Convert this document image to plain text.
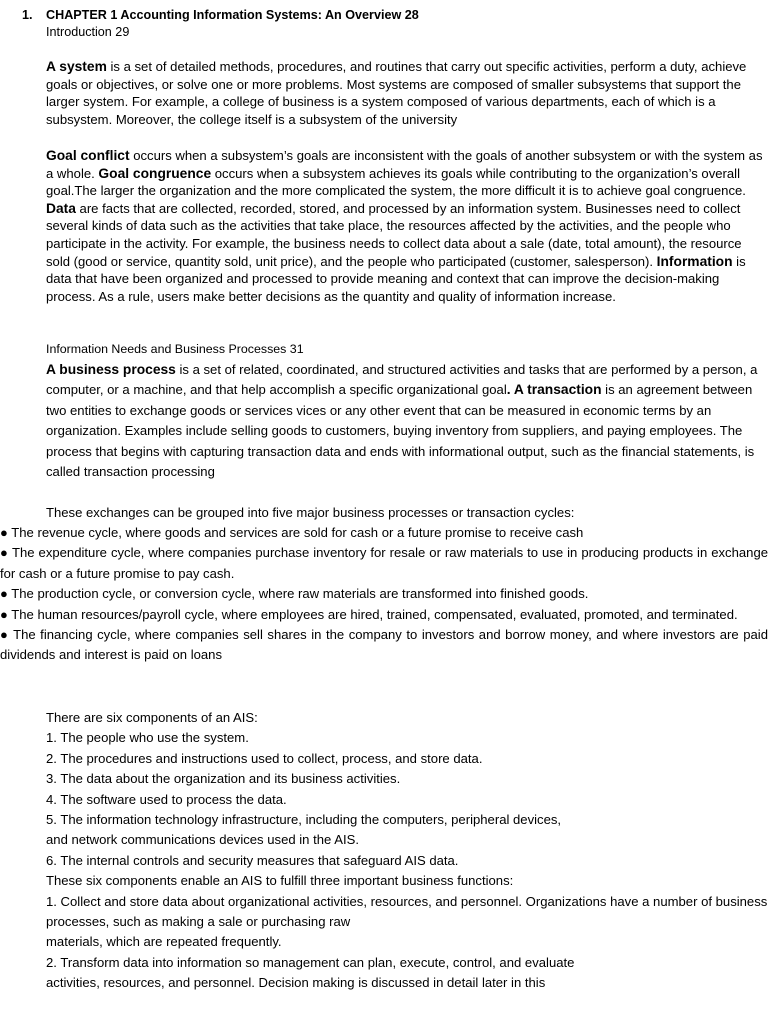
1. CHAPTER 1 Accounting Information Systems: An Overview 28
Introduction 29
A system is a set of detailed methods, procedures, and routines that carry out specific activities, perform a duty, achieve goals or objectives, or solve one or more problems. Most systems are composed of smaller subsystems that support the larger system. For example, a college of business is a system composed of various departments, each of which is a subsystem. Moreover, the college itself is a subsystem of the university
Goal conflict occurs when a subsystem’s goals are inconsistent with the goals of another subsystem or with the system as a whole. Goal congruence occurs when a subsystem achieves its goals while contributing to the organization’s overall goal.The larger the organization and the more complicated the system, the more difficult it is to achieve goal congruence. Data are facts that are collected, recorded, stored, and processed by an information system. Businesses need to collect several kinds of data such as the activities that take place, the resources affected by the activities, and the people who participate in the activity. For example, the business needs to collect data about a sale (date, total amount), the resource sold (good or service, quantity sold, unit price), and the people who participated (customer, salesperson). Information is data that have been organized and processed to provide meaning and context that can improve the decision-making process. As a rule, users make better decisions as the quantity and quality of information increase.
Information Needs and Business Processes 31
A business process is a set of related, coordinated, and structured activities and tasks that are performed by a person, a computer, or a machine, and that help accomplish a specific organizational goal. A transaction is an agreement between two entities to exchange goods or services vices or any other event that can be measured in economic terms by an organization. Examples include selling goods to customers, buying inventory from suppliers, and paying employees. The process that begins with capturing transaction data and ends with informational output, such as the financial statements, is called transaction processing
These exchanges can be grouped into five major business processes or transaction cycles:
● The revenue cycle, where goods and services are sold for cash or a future promise to receive cash
● The expenditure cycle, where companies purchase inventory for resale or raw materials to use in producing products in exchange for cash or a future promise to pay cash.
● The production cycle, or conversion cycle, where raw materials are transformed into finished goods.
● The human resources/payroll cycle, where employees are hired, trained, compensated, evaluated, promoted, and terminated.
● The financing cycle, where companies sell shares in the company to investors and borrow money, and where investors are paid dividends and interest is paid on loans
There are six components of an AIS:
1. The people who use the system.
2. The procedures and instructions used to collect, process, and store data.
3. The data about the organization and its business activities.
4. The software used to process the data.
5. The information technology infrastructure, including the computers, peripheral devices,
and network communications devices used in the AIS.
6. The internal controls and security measures that safeguard AIS data.
These six components enable an AIS to fulfill three important business functions:
1. Collect and store data about organizational activities, resources, and personnel. Organizations have a number of business processes, such as making a sale or purchasing raw
materials, which are repeated frequently.
2. Transform data into information so management can plan, execute, control, and evaluate
activities, resources, and personnel. Decision making is discussed in detail later in this
